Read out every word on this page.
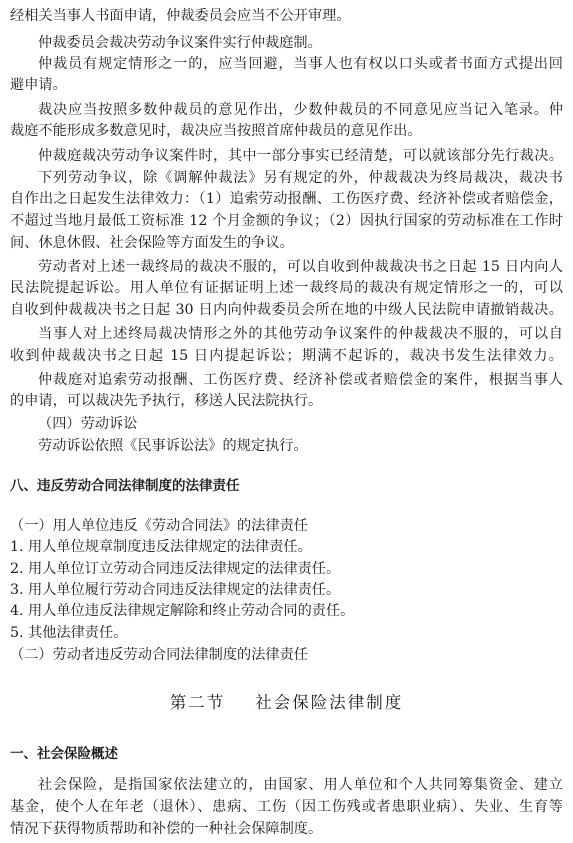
经相关当事人书面申请，仲裁委员会应当不公开审理。

仲裁委员会裁决劳动争议案件实行仲裁庭制。

仲裁员有规定情形之一的，应当回避，当事人也有权以口头或者书面方式提出回

避申请。

裁决应当按照多数仲裁员的意见作出，少数仲裁员的不同意见应当记入笔录。仲

裁庭不能形成多数意见时，裁决应当按照首席仲裁员的意见作出。

仲裁庭裁决劳动争议案件时，其中一部分事实已经清楚，可以就该部分先行裁决。

下列劳动争议，除《调解仲裁法》另有规定的外，仲裁裁决为终局裁决，裁决书

自作出之日起发生法律效力：（1）追索劳动报酬、工伤医疗费、经济补偿或者赔偿金，

不超过当地月最低工资标准 12 个月金额的争议；（2）因执行国家的劳动标准在工作时

间、休息休假、社会保险等方面发生的争议。

劳动者对上述一裁终局的裁决不服的，可以自收到仲裁裁决书之日起 15 日内向人

民法院提起诉讼。用人单位有证据证明上述一裁终局的裁决有规定情形之一的，可以

自收到仲裁裁决书之日起 30 日内向仲裁委员会所在地的中级人民法院申请撤销裁决。

当事人对上述终局裁决情形之外的其他劳动争议案件的仲裁裁决不服的，可以自

收到仲裁裁决书之日起 15 日内提起诉讼；期满不起诉的，裁决书发生法律效力。

仲裁庭对追索劳动报酬、工伤医疗费、经济补偿或者赔偿金的案件，根据当事人

的申请，可以裁决先予执行，移送人民法院执行。

（四）劳动诉讼

劳动诉讼依照《民事诉讼法》的规定执行。

八、违反劳动合同法律制度的法律责任

（一）用人单位违反《劳动合同法》的法律责任

1. 用人单位规章制度违反法律规定的法律责任。

2. 用人单位订立劳动合同违反法律规定的法律责任。

3. 用人单位履行劳动合同违反法律规定的法律责任。

4. 用人单位违反法律规定解除和终止劳动合同的责任。

5. 其他法律责任。

（二）劳动者违反劳动合同法律制度的法律责任

第二节 社会保险法律制度

一、社会保险概述

社会保险，是指国家依法建立的，由国家、用人单位和个人共同筹集资金、建立

基金，使个人在年老（退休）、患病、工伤（因工伤残或者患职业病）、失业、生育等

情况下获得物质帮助和补偿的一种社会保障制度。
